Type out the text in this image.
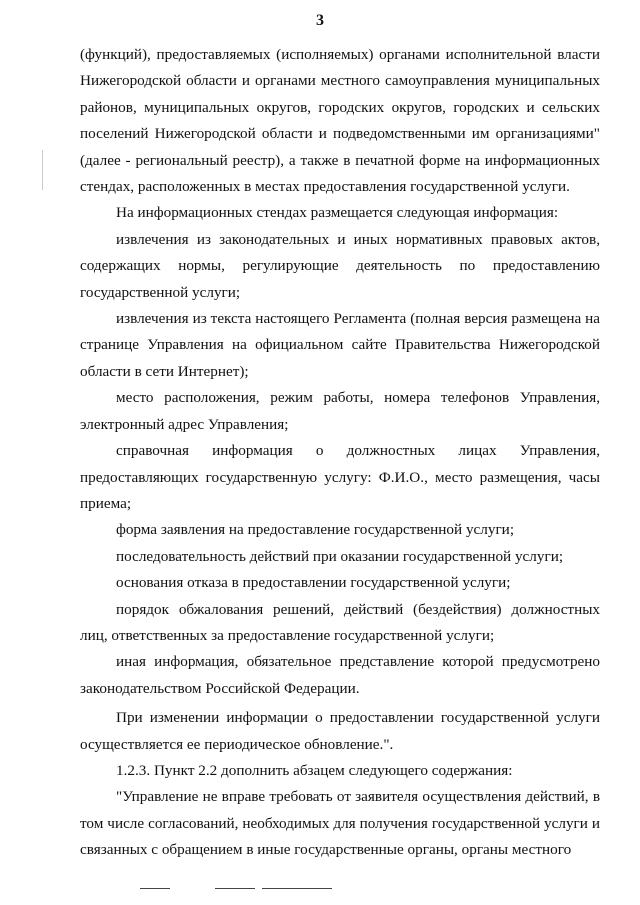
3

(функций), предоставляемых (исполняемых) органами исполнительной власти Нижегородской области и органами местного самоуправления муниципальных районов, муниципальных округов, городских округов, городских и сельских поселений Нижегородской области и подведомственными им организациями" (далее - региональный реестр), а также в печатной форме на информационных стендах, расположенных в местах предоставления государственной услуги.

На информационных стендах размещается следующая информация:

извлечения из законодательных и иных нормативных правовых актов, содержащих нормы, регулирующие деятельность по предоставлению государственной услуги;

извлечения из текста настоящего Регламента (полная версия размещена на странице Управления на официальном сайте Правительства Нижегородской области в сети Интернет);

место расположения, режим работы, номера телефонов Управления, электронный адрес Управления;

справочная информация о должностных лицах Управления, предоставляющих государственную услугу: Ф.И.О., место размещения, часы приема;

форма заявления на предоставление государственной услуги;

последовательность действий при оказании государственной услуги;

основания отказа в предоставлении государственной услуги;

порядок обжалования решений, действий (бездействия) должностных лиц, ответственных за предоставление государственной услуги;

иная информация, обязательное представление которой предусмотрено законодательством Российской Федерации.

При изменении информации о предоставлении государственной услуги осуществляется ее периодическое обновление.".

1.2.3. Пункт 2.2 дополнить абзацем следующего содержания:

"Управление не вправе требовать от заявителя осуществления действий, в том числе согласований, необходимых для получения государственной услуги и связанных с обращением в иные государственные органы, органы местного
